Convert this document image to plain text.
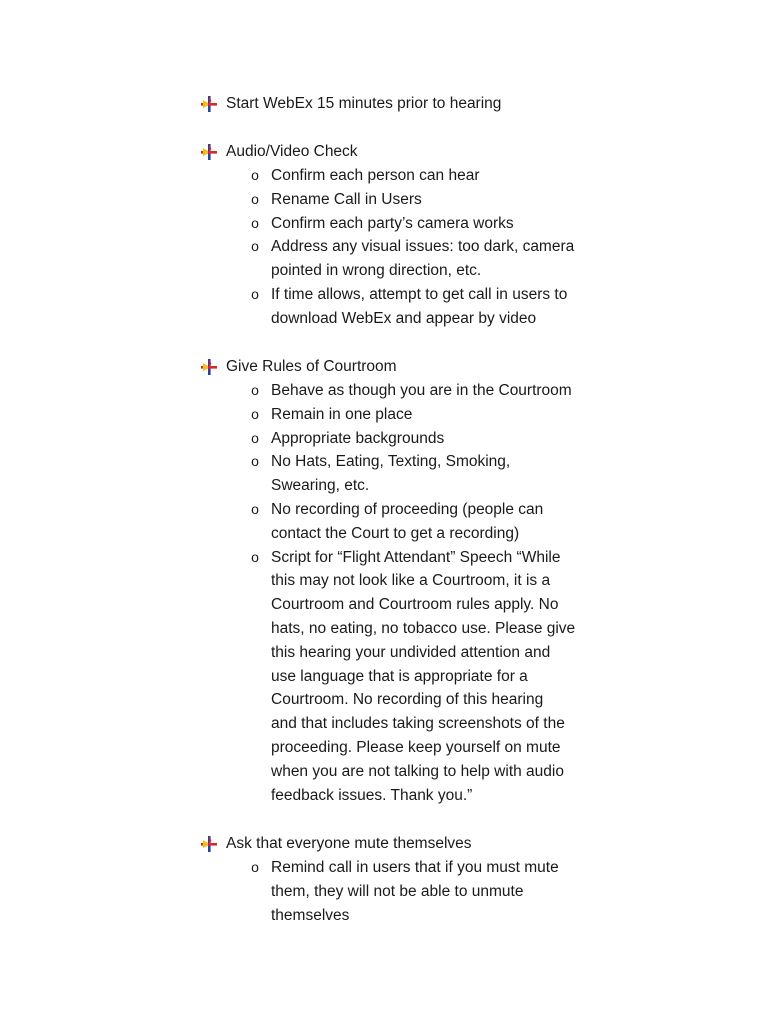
Start WebEx 15 minutes prior to hearing
Audio/Video Check
o Confirm each person can hear
o Rename Call in Users
o Confirm each party’s camera works
o Address any visual issues: too dark, camera
pointed in wrong direction, etc.
o If time allows, attempt to get call in users to
download WebEx and appear by video
Give Rules of Courtroom
o Behave as though you are in the Courtroom
o Remain in one place
o Appropriate backgrounds
o No Hats, Eating, Texting, Smoking,
Swearing, etc.
o No recording of proceeding (people can
contact the Court to get a recording)
o Script for “Flight Attendant” Speech “While
this may not look like a Courtroom, it is a
Courtroom and Courtroom rules apply. No
hats, no eating, no tobacco use. Please give
this hearing your undivided attention and
use language that is appropriate for a
Courtroom. No recording of this hearing
and that includes taking screenshots of the
proceeding. Please keep yourself on mute
when you are not talking to help with audio
feedback issues. Thank you.”
Ask that everyone mute themselves
o Remind call in users that if you must mute
them, they will not be able to unmute
themselves
